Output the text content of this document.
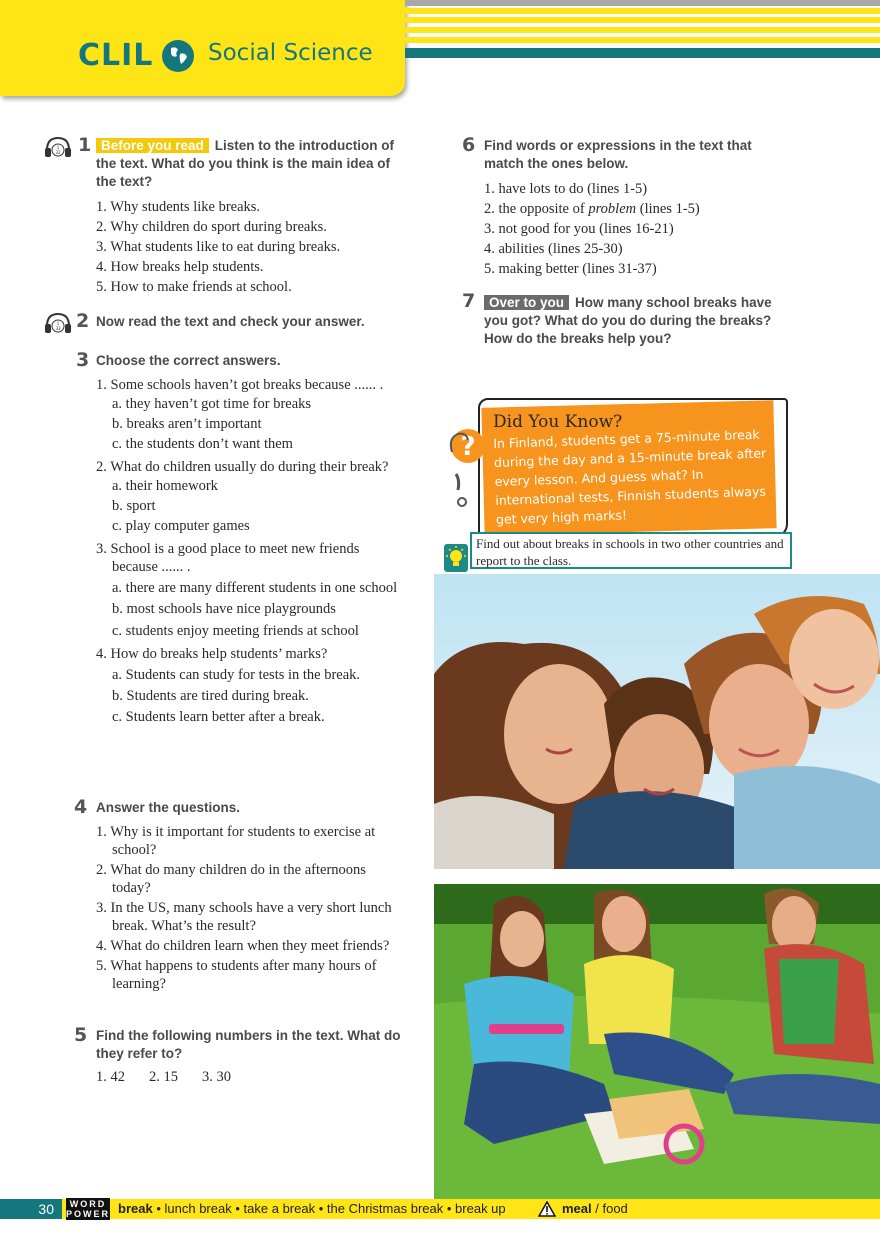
CLIL Social Science
1
32 1 Before you read Listen to the introduction of the text. What do you think is the main idea of the text?
1. Why students like breaks.
2. Why children do sport during breaks.
3. What students like to eat during breaks.
4. How breaks help students.
5. How to make friends at school.
1
33 2 Now read the text and check your answer.
3 Choose the correct answers.
1. Some schools haven’t got breaks because ...... .
a. they haven’t got time for breaks
b. breaks aren’t important
c. the students don’t want them
2. What do children usually do during their break?
a. their homework
b. sport
c. play computer games
3. School is a good place to meet new friends because ...... .
a. there are many different students in one school
b. most schools have nice playgrounds
c. students enjoy meeting friends at school
4. How do breaks help students’ marks?
a. Students can study for tests in the break.
b. Students are tired during break.
c. Students learn better after a break.
4 Answer the questions.
1. Why is it important for students to exercise at school?
2. What do many children do in the afternoons today?
3. In the US, many schools have a very short lunch break. What’s the result?
4. What do children learn when they meet friends?
5. What happens to students after many hours of learning?
5 Find the following numbers in the text. What do they refer to?
1. 42 2. 15 3. 30
6 Find words or expressions in the text that match the ones below.
1. have lots to do (lines 1-5)
2. the opposite of problem (lines 1-5)
3. not good for you (lines 16-21)
4. abilities (lines 25-30)
5. making better (lines 31-37)
7	Over to you How many school breaks have you got? What do you do during the breaks? How do the breaks help you?
?
Did You Know?
In Finland, students get a 75-minute break during the day and a 15-minute break after every lesson. And guess what? In international tests, Finnish students always get very high marks!
Find out about breaks in schools in two other countries and report to the class.
30	WORD
POWER break • lunch break • take a break • the Christmas break • break up	meal / food
